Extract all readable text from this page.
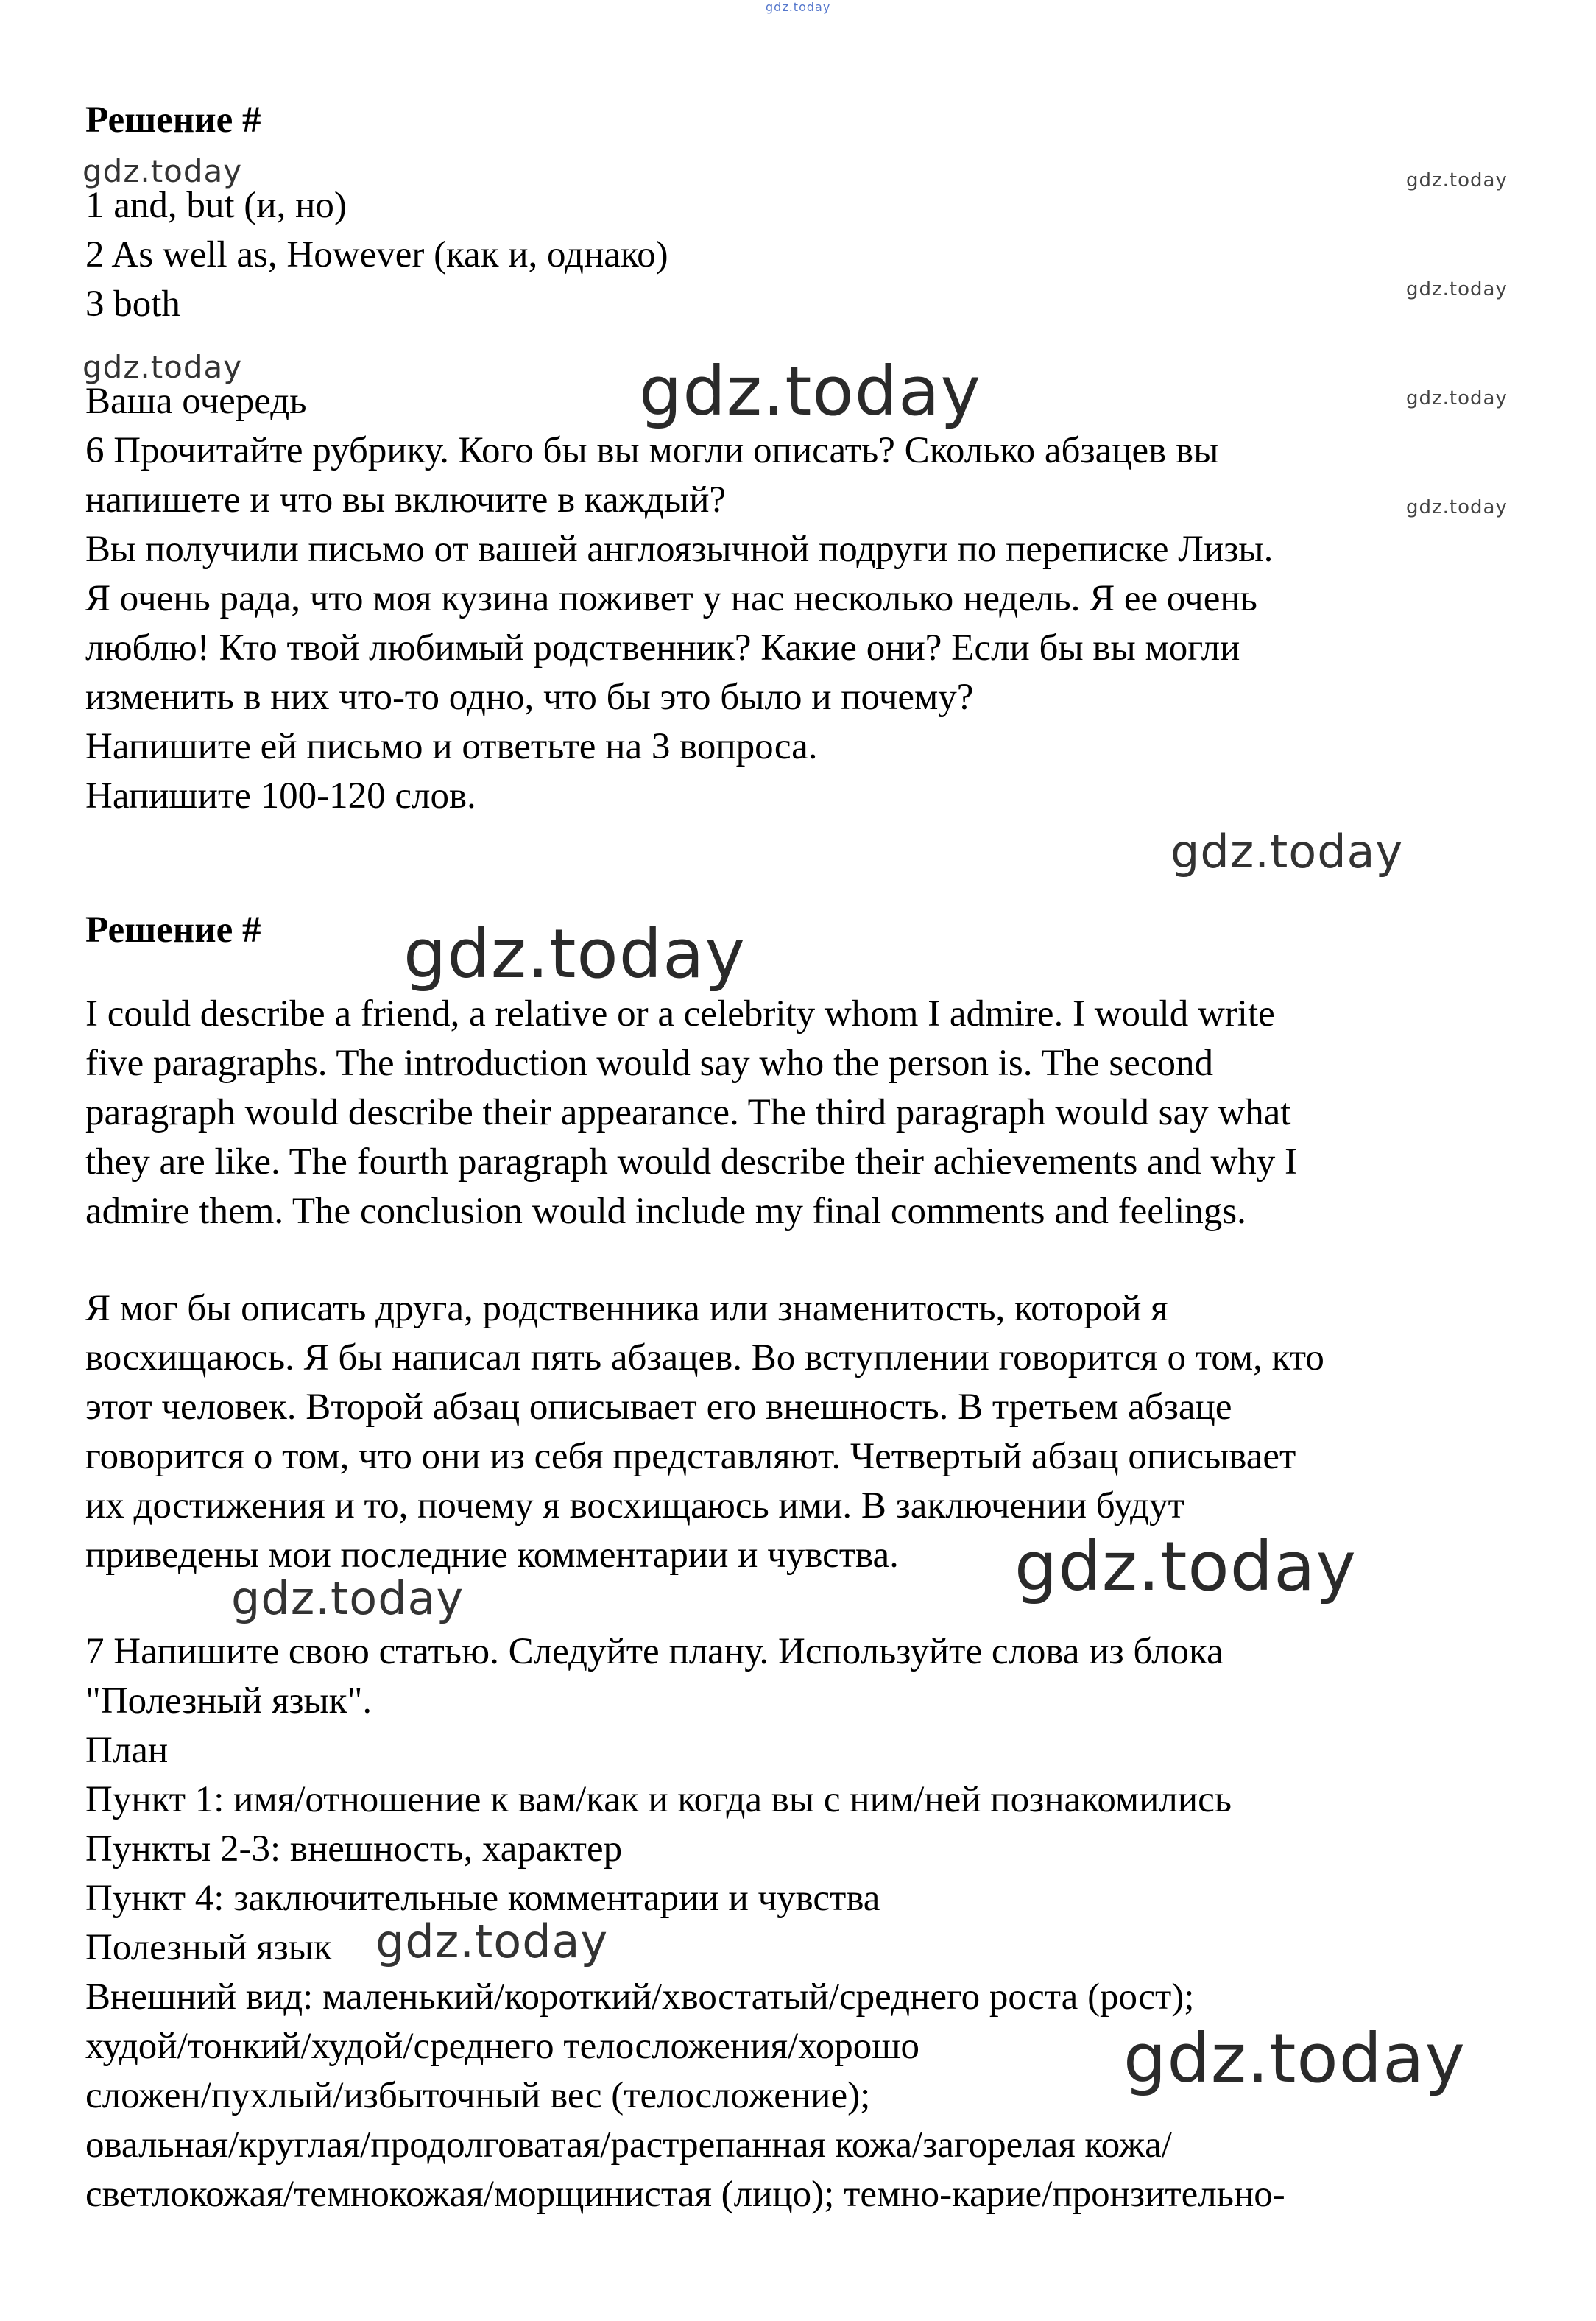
gdz.today
gdz.today	gdz.today
gdz.today
gdz.today	gdz.today	gdz.today
gdz.today
gdz.today
gdz.today
gdz.today
gdz.today
gdz.today
gdz.today
Решение #
1 and, but (и, но)
2 As well as, However (как и, однако)
3 both
Ваша очередь
6 Прочитайте рубрику. Кого бы вы могли описать? Сколько абзацев вы
напишете и что вы включите в каждый?
Вы получили письмо от вашей англоязычной подруги по переписке Лизы.
Я очень рада, что моя кузина поживет у нас несколько недель. Я ее очень
люблю! Кто твой любимый родственник? Какие они? Если бы вы могли
изменить в них что-то одно, что бы это было и почему?
Напишите ей письмо и ответьте на 3 вопроса.
Напишите 100-120 слов.
Решение #
I could describe a friend, a relative or a celebrity whom I admire. I would write
five paragraphs. The introduction would say who the person is. The second
paragraph would describe their appearance. The third paragraph would say what
they are like. The fourth paragraph would describe their achievements and why I
admire them. The conclusion would include my final comments and feelings.
Я мог бы описать друга, родственника или знаменитость, которой я
восхищаюсь. Я бы написал пять абзацев. Во вступлении говорится о том, кто
этот человек. Второй абзац описывает его внешность. В третьем абзаце
говорится о том, что они из себя представляют. Четвертый абзац описывает
их достижения и то, почему я восхищаюсь ими. В заключении будут
приведены мои последние комментарии и чувства.
7 Напишите свою статью. Следуйте плану. Используйте слова из блока
"Полезный язык".
План
Пункт 1: имя/отношение к вам/как и когда вы с ним/ней познакомились
Пункты 2-3: внешность, характер
Пункт 4: заключительные комментарии и чувства
Полезный язык
Внешний вид: маленький/короткий/хвостатый/среднего роста (рост);
худой/тонкий/худой/среднего телосложения/хорошо
сложен/пухлый/избыточный вес (телосложение);
овальная/круглая/продолговатая/растрепанная кожа/загорелая кожа/
светлокожая/темнокожая/морщинистая (лицо); темно-карие/пронзительно-
